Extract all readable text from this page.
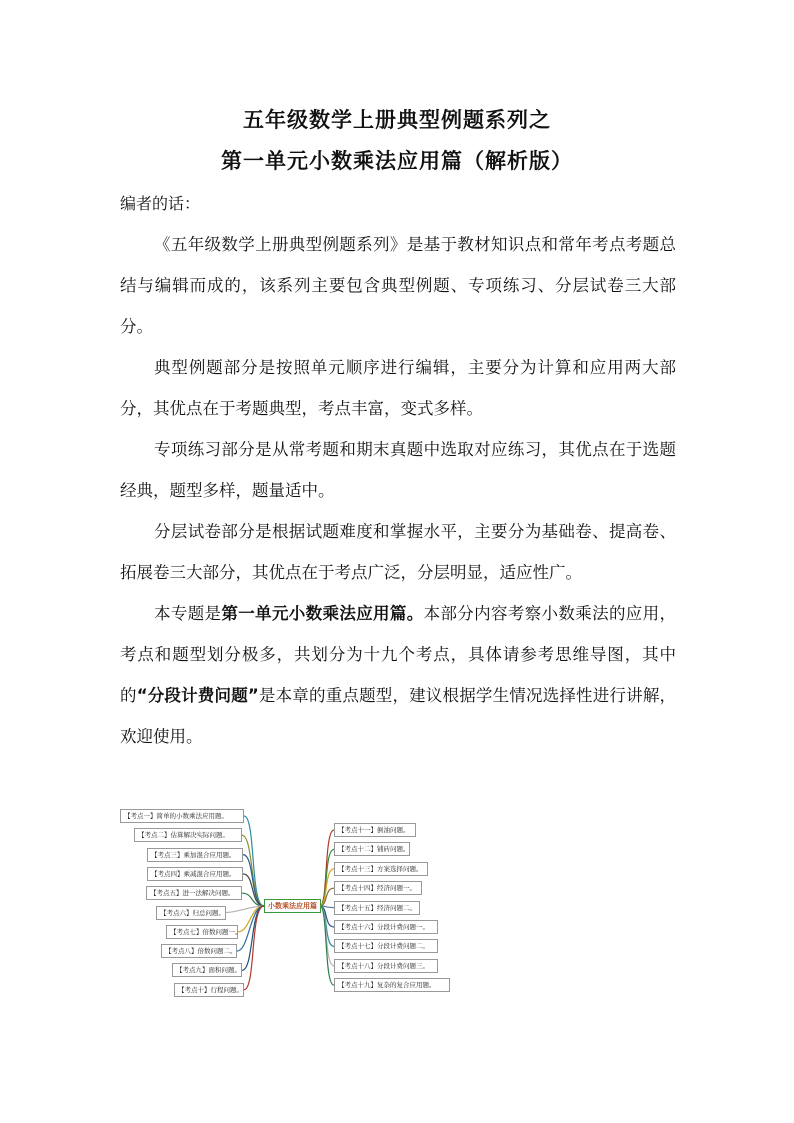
五年级数学上册典型例题系列之
第一单元小数乘法应用篇（解析版）
编者的话：

《五年级数学上册典型例题系列》是基于教材知识点和常年考点考题总结与编辑而成的，该系列主要包含典型例题、专项练习、分层试卷三大部分。

典型例题部分是按照单元顺序进行编辑，主要分为计算和应用两大部分，其优点在于考题典型，考点丰富，变式多样。

专项练习部分是从常考题和期末真题中选取对应练习，其优点在于选题经典，题型多样，题量适中。

分层试卷部分是根据试题难度和掌握水平，主要分为基础卷、提高卷、拓展卷三大部分，其优点在于考点广泛，分层明显，适应性广。

本专题是第一单元小数乘法应用篇。本部分内容考察小数乘法的应用，考点和题型划分极多，共划分为十九个考点，具体请参考思维导图，其中的“分段计费问题”是本章的重点题型，建议根据学生情况选择性进行讲解，欢迎使用。

【考点一】简单的小数乘法应用题。
【考点二】估算解决实际问题。
【考点三】乘加混合应用题。
【考点四】乘减混合应用题。
【考点五】进一法解决问题。
【考点六】归总问题。
【考点七】倍数问题一。
【考点八】倍数问题二。
【考点九】面积问题。
【考点十】行程问题。
【考点十一】倒油问题。
【考点十二】铺砖问题。
【考点十三】方案选择问题。
【考点十四】经济问题一。
【考点十五】经济问题二。
【考点十六】分段计费问题一。
【考点十七】分段计费问题二。
【考点十八】分段计费问题三。
【考点十九】复杂的复合应用题。
小数乘法应用篇
